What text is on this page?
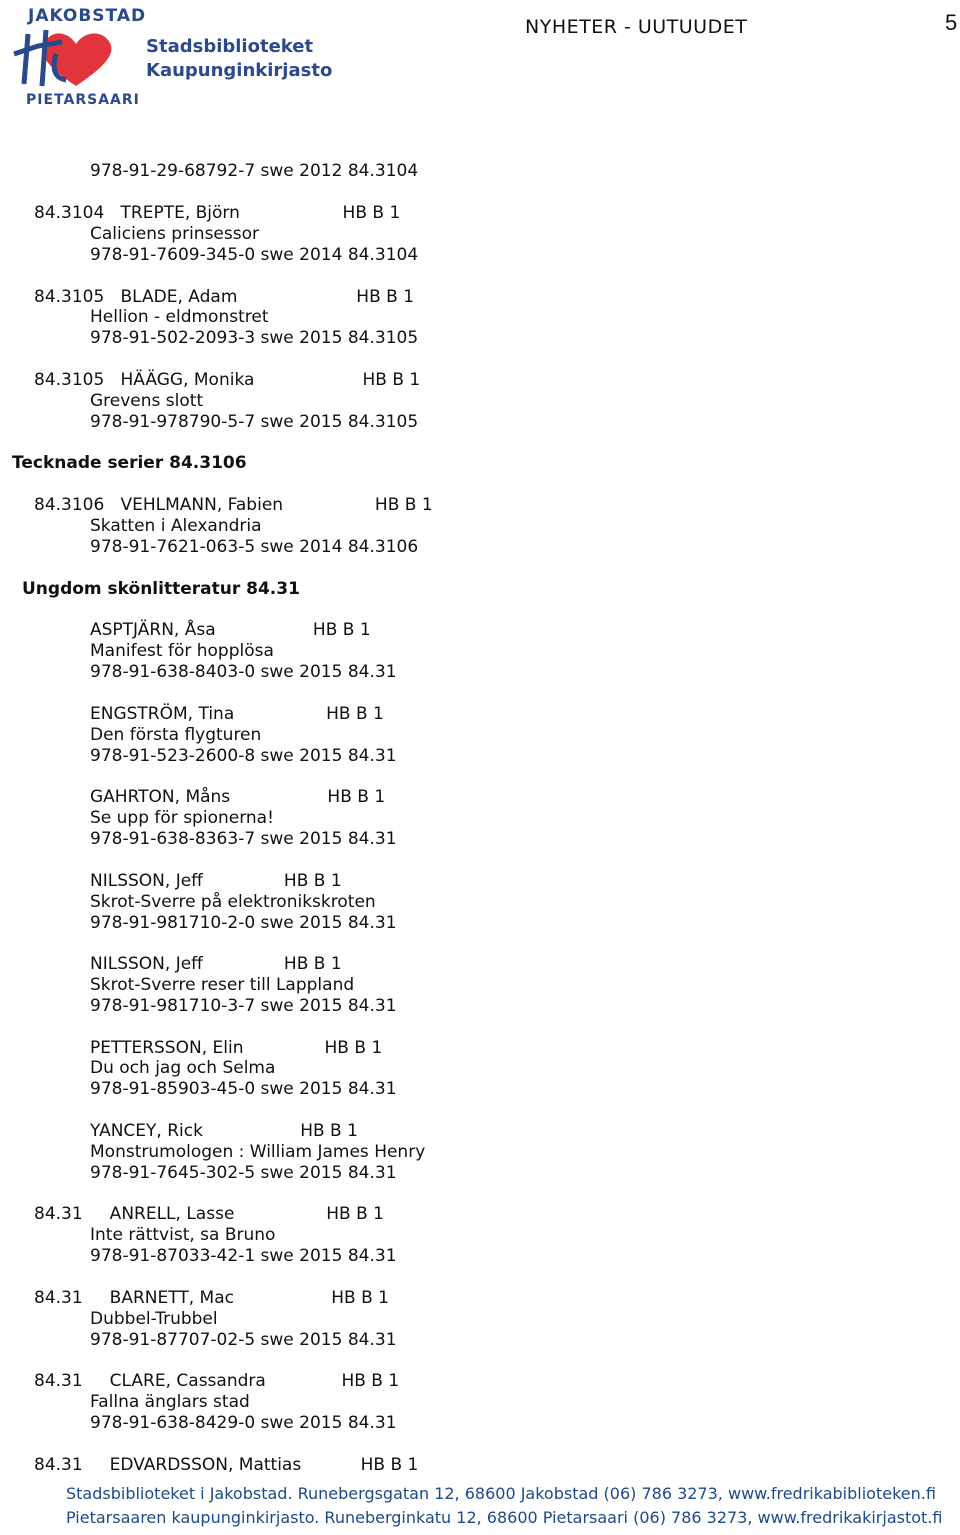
JAKOBSTAD
Stadsbiblioteket
Kaupunginkirjasto
PIETARSAARI
NYHETER - UUTUUDET	5
978-91-29-68792-7 swe 2012 84.3104
84.3104   TREPTE, Björn                   HB B 1
Caliciens prinsessor
978-91-7609-345-0 swe 2014 84.3104
84.3105   BLADE, Adam                      HB B 1
Hellion - eldmonstret
978-91-502-2093-3 swe 2015 84.3105
84.3105   HÄÄGG, Monika                    HB B 1
Grevens slott
978-91-978790-5-7 swe 2015 84.3105
Tecknade serier 84.3106
84.3106   VEHLMANN, Fabien                 HB B 1
Skatten i Alexandria
978-91-7621-063-5 swe 2014 84.3106
Ungdom skönlitteratur 84.31
ASPTJÄRN, Åsa                  HB B 1
Manifest för hopplösa
978-91-638-8403-0 swe 2015 84.31
ENGSTRÖM, Tina                 HB B 1
Den första flygturen
978-91-523-2600-8 swe 2015 84.31
GAHRTON, Måns                  HB B 1
Se upp för spionerna!
978-91-638-8363-7 swe 2015 84.31
NILSSON, Jeff               HB B 1
Skrot-Sverre på elektronikskroten
978-91-981710-2-0 swe 2015 84.31
NILSSON, Jeff               HB B 1
Skrot-Sverre reser till Lappland
978-91-981710-3-7 swe 2015 84.31
PETTERSSON, Elin               HB B 1
Du och jag och Selma
978-91-85903-45-0 swe 2015 84.31
YANCEY, Rick                  HB B 1
Monstrumologen : William James Henry
978-91-7645-302-5 swe 2015 84.31
84.31     ANRELL, Lasse                 HB B 1
Inte rättvist, sa Bruno
978-91-87033-42-1 swe 2015 84.31
84.31     BARNETT, Mac                  HB B 1
Dubbel-Trubbel
978-91-87707-02-5 swe 2015 84.31
84.31     CLARE, Cassandra              HB B 1
Fallna änglars stad
978-91-638-8429-0 swe 2015 84.31
84.31     EDVARDSSON, Mattias           HB B 1
Stadsbiblioteket i Jakobstad. Runebergsgatan 12, 68600 Jakobstad (06) 786 3273, www.fredrikabiblioteken.fi
Pietarsaaren kaupunginkirjasto. Runeberginkatu 12, 68600 Pietarsaari (06) 786 3273, www.fredrikakirjastot.fi
